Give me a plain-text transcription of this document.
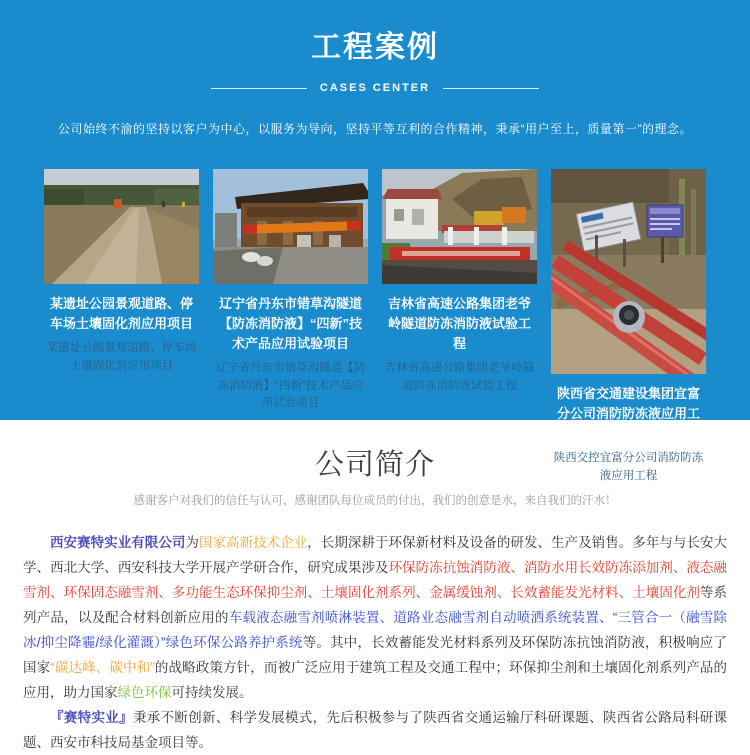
工程案例
CASES CENTER
公司始终不渝的坚持以客户为中心，以服务为导向，坚持平等互利的合作精神，秉承“用户至上，质量第一”的理念。
某遗址公园景观道路、停车场土壤固化剂应用项目
某遗址公园景观道路、停车场土壤固化剂应用项目
辽宁省丹东市错草沟隧道【防冻消防液】“四新”技术产品应用试验项目
辽宁省丹东市错草沟隧道【防冻消防液】“四新”技术产品应用试验项目
吉林省高速公路集团老爷岭隧道防冻消防液试验工程
吉林省高速公路集团老爷岭隧道防冻消防液试验工程
陕西省交通建设集团宜富分公司消防防冻液应用工程
陕西交控宜富分公司消防防冻液应用工程
公司简介
感谢客户对我们的信任与认可，感谢团队每位成员的付出，我们的创意是水，来自我们的汗水！

西安赛特实业有限公司为国家高新技术企业，长期深耕于环保新材料及设备的研发、生产及销售。多年与与长安大学、西北大学、西安科技大学开展产学研合作，研究成果涉及环保防冻抗蚀消防液、消防水用长效防冻添加剂、液态融雪剂、环保固态融雪剂、多功能生态环保抑尘剂、土壤固化剂系列、金属缓蚀剂、长效蓄能发光材料、土壤固化剂等系列产品，以及配合材料创新应用的车载液态融雪剂喷淋装置、道路业态融雪剂自动喷洒系统装置、“三管合一（融雪除冰/抑尘降霾/绿化灌溉）”绿色环保公路养护系统等。其中，长效蓄能发光材料系列及环保防冻抗蚀消防液，积极响应了国家“碳达峰、碳中和”的战略政策方针，而被广泛应用于建筑工程及交通工程中；环保抑尘剂和土壤固化剂系列产品的应用，助力国家绿色环保可持续发展。

『赛特实业』秉承不断创新、科学发展模式，先后积极参与了陕西省交通运输厅科研课题、陕西省公路局科研课题、西安市科技局基金项目等。
